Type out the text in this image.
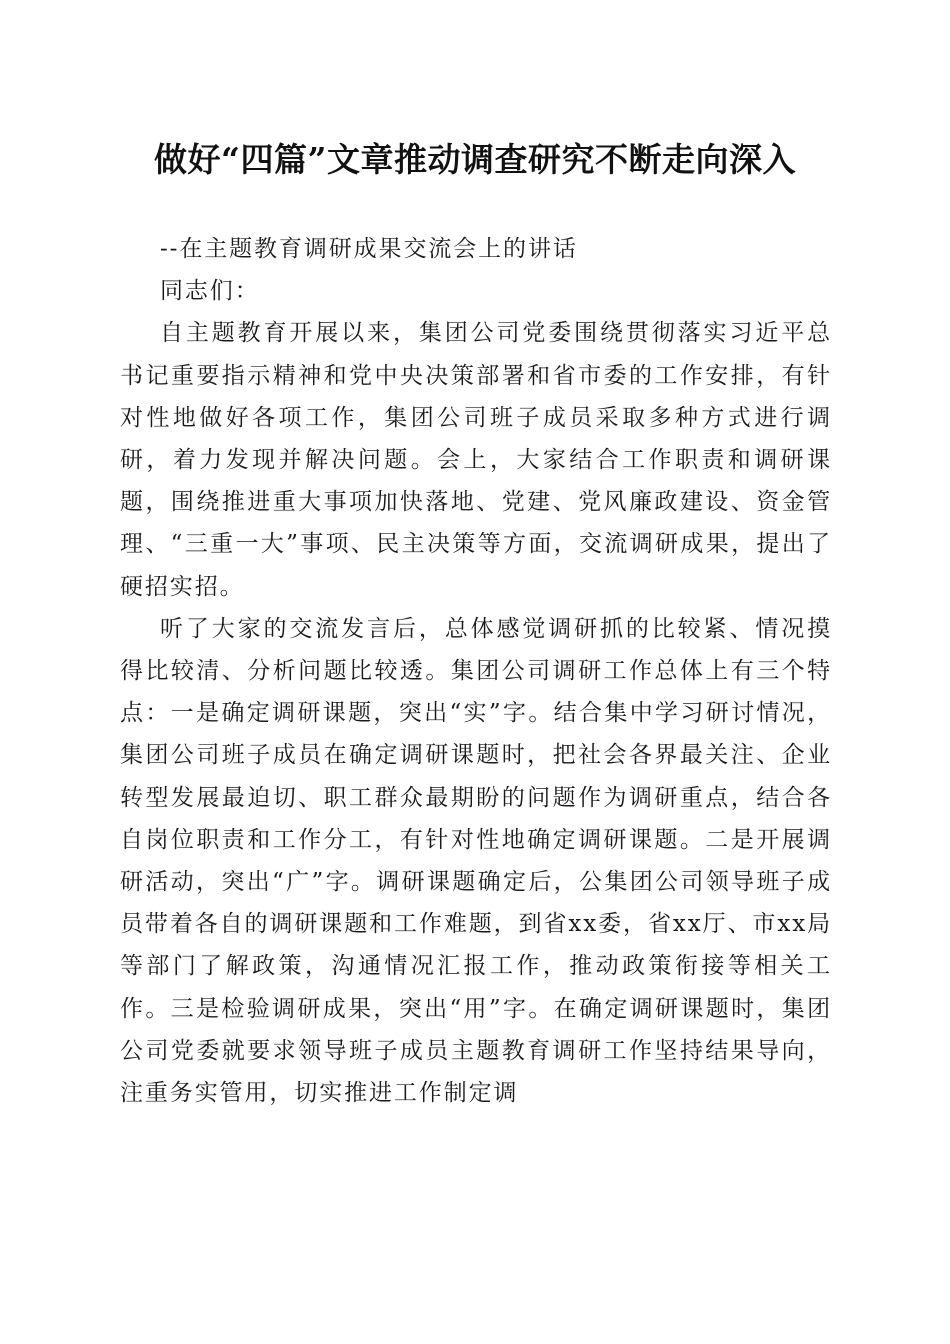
做好“四篇”文章推动调查研究不断走向深入

--在主题教育调研成果交流会上的讲话

同志们：

自主题教育开展以来，集团公司党委围绕贯彻落实习近平总书记重要指示精神和党中央决策部署和省市委的工作安排，有针对性地做好各项工作，集团公司班子成员采取多种方式进行调研，着力发现并解决问题。会上，大家结合工作职责和调研课题，围绕推进重大事项加快落地、党建、党风廉政建设、资金管理、“三重一大”事项、民主决策等方面，交流调研成果，提出了硬招实招。

听了大家的交流发言后，总体感觉调研抓的比较紧、情况摸得比较清、分析问题比较透。集团公司调研工作总体上有三个特点：一是确定调研课题，突出“实”字。结合集中学习研讨情况，集团公司班子成员在确定调研课题时，把社会各界最关注、企业转型发展最迫切、职工群众最期盼的问题作为调研重点，结合各自岗位职责和工作分工，有针对性地确定调研课题。二是开展调研活动，突出“广”字。调研课题确定后，公集团公司领导班子成员带着各自的调研课题和工作难题，到省xx委，省xx厅、市xx局等部门了解政策，沟通情况汇报工作，推动政策衔接等相关工作。三是检验调研成果，突出“用”字。在确定调研课题时，集团公司党委就要求领导班子成员主题教育调研工作坚持结果导向，注重务实管用，切实推进工作制定调
